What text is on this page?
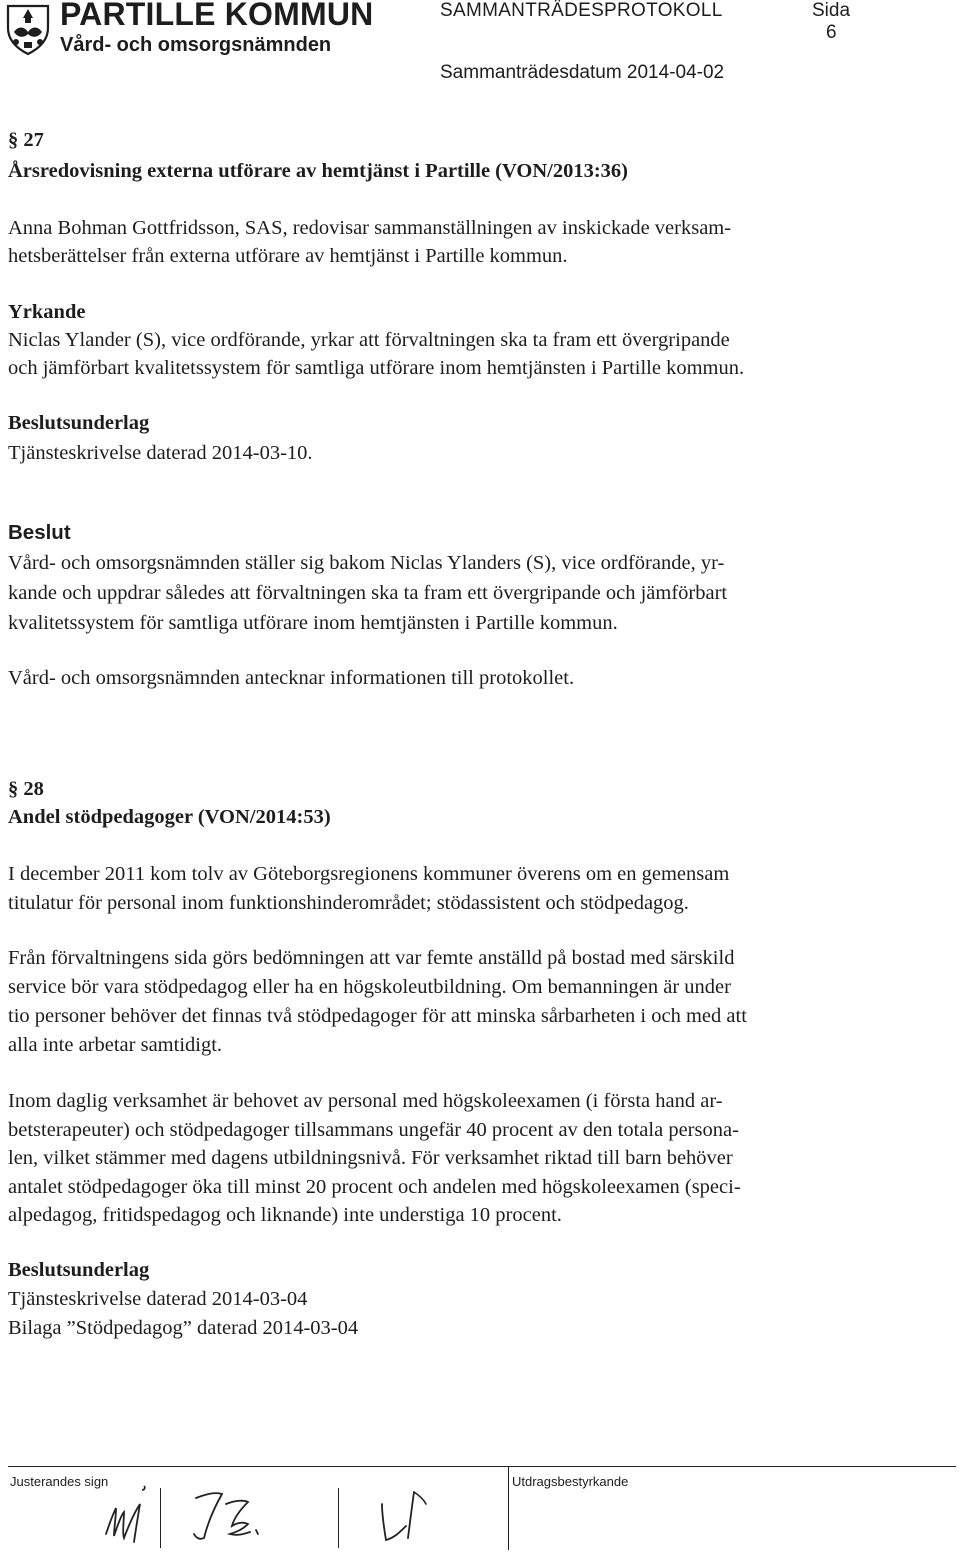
PARTILLE KOMMUN
Vård- och omsorgsnämnden
SAMMANTRÄDESPROTOKOLL	Sida
6
Sammanträdesdatum 2014-04-02
§ 27
Årsredovisning externa utförare av hemtjänst i Partille (VON/2013:36)
Anna Bohman Gottfridsson, SAS, redovisar sammanställningen av inskickade verksam-
hetsberättelser från externa utförare av hemtjänst i Partille kommun.
Yrkande
Niclas Ylander (S), vice ordförande, yrkar att förvaltningen ska ta fram ett övergripande
och jämförbart kvalitetssystem för samtliga utförare inom hemtjänsten i Partille kommun.
Beslutsunderlag
Tjänsteskrivelse daterad 2014-03-10.
Beslut
Vård- och omsorgsnämnden ställer sig bakom Niclas Ylanders (S), vice ordförande, yr-
kande och uppdrar således att förvaltningen ska ta fram ett övergripande och jämförbart
kvalitetssystem för samtliga utförare inom hemtjänsten i Partille kommun.
Vård- och omsorgsnämnden antecknar informationen till protokollet.
§ 28
Andel stödpedagoger (VON/2014:53)
I december 2011 kom tolv av Göteborgsregionens kommuner överens om en gemensam
titulatur för personal inom funktionshinderområdet; stödassistent och stödpedagog.
Från förvaltningens sida görs bedömningen att var femte anställd på bostad med särskild
service bör vara stödpedagog eller ha en högskoleutbildning. Om bemanningen är under
tio personer behöver det finnas två stödpedagoger för att minska sårbarheten i och med att
alla inte arbetar samtidigt.
Inom daglig verksamhet är behovet av personal med högskoleexamen (i första hand ar-
betsterapeuter) och stödpedagoger tillsammans ungefär 40 procent av den totala persona-
len, vilket stämmer med dagens utbildningsnivå. För verksamhet riktad till barn behöver
antalet stödpedagoger öka till minst 20 procent och andelen med högskoleexamen (speci-
alpedagog, fritidspedagog och liknande) inte understiga 10 procent.
Beslutsunderlag
Tjänsteskrivelse daterad 2014-03-04
Bilaga ”Stödpedagog” daterad 2014-03-04
Justerandes sign	Utdragsbestyrkande
